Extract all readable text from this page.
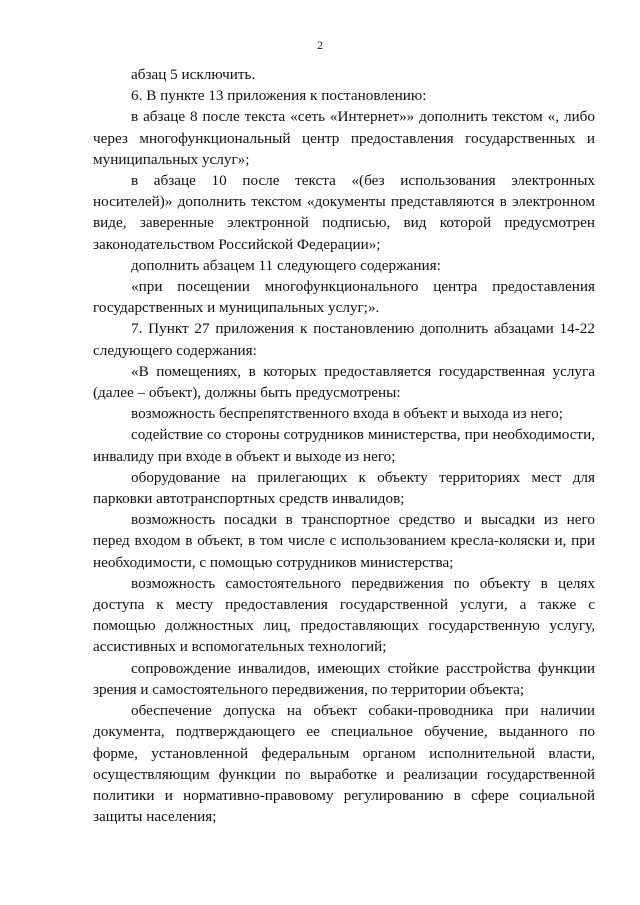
2

абзац 5 исключить.

6. В пункте 13 приложения к постановлению:

в абзаце 8 после текста «сеть «Интернет»» дополнить текстом «, либо через многофункциональный центр предоставления государственных и муниципальных услуг»;

в абзаце 10 после текста «(без использования электронных носителей)» дополнить текстом «документы представляются в электронном виде, заверенные электронной подписью, вид которой предусмотрен законодательством Российской Федерации»;

дополнить абзацем 11 следующего содержания:

«при посещении многофункционального центра предоставления государственных и муниципальных услуг;».

7. Пункт 27 приложения к постановлению дополнить абзацами 14-22 следующего содержания:

«В помещениях, в которых предоставляется государственная услуга (далее – объект), должны быть предусмотрены:

возможность беспрепятственного входа в объект и выхода из него;

содействие со стороны сотрудников министерства, при необходимости, инвалиду при входе в объект и выходе из него;

оборудование на прилегающих к объекту территориях мест для парковки автотранспортных средств инвалидов;

возможность посадки в транспортное средство и высадки из него перед входом в объект, в том числе с использованием кресла-коляски и, при необходимости, с помощью сотрудников министерства;

возможность самостоятельного передвижения по объекту в целях доступа к месту предоставления государственной услуги, а также с помощью должностных лиц, предоставляющих государственную услугу, ассистивных и вспомогательных технологий;

сопровождение инвалидов, имеющих стойкие расстройства функции зрения и самостоятельного передвижения, по территории объекта;

обеспечение допуска на объект собаки-проводника при наличии документа, подтверждающего ее специальное обучение, выданного по форме, установленной федеральным органом исполнительной власти, осуществляющим функции по выработке и реализации государственной политики и нормативно-правовому регулированию в сфере социальной защиты населения;
